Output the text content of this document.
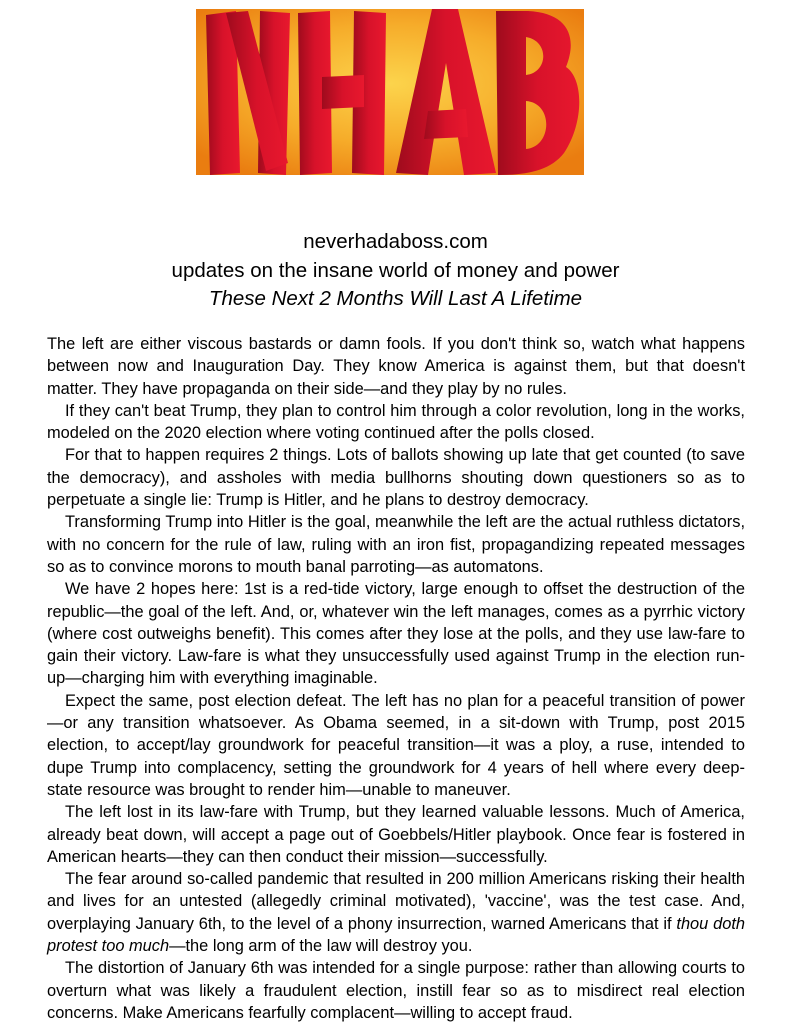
neverhadaboss.com
updates on the insane world of money and power
These Next 2 Months Will Last A Lifetime

The left are either viscous bastards or damn fools. If you don't think so, watch what happens between now and Inauguration Day. They know America is against them, but that doesn't matter. They have propaganda on their side—and they play by no rules.

If they can't beat Trump, they plan to control him through a color revolution, long in the works, modeled on the 2020 election where voting continued after the polls closed.

For that to happen requires 2 things. Lots of ballots showing up late that get counted (to save the democracy), and assholes with media bullhorns shouting down questioners so as to perpetuate a single lie: Trump is Hitler, and he plans to destroy democracy.

Transforming Trump into Hitler is the goal, meanwhile the left are the actual ruthless dictators, with no concern for the rule of law, ruling with an iron fist, propagandizing repeated messages so as to convince morons to mouth banal parroting—as automatons.

We have 2 hopes here: 1st is a red-tide victory, large enough to offset the destruction of the republic—the goal of the left. And, or, whatever win the left manages, comes as a pyrrhic victory (where cost outweighs benefit). This comes after they lose at the polls, and they use law-fare to gain their victory. Law-fare is what they unsuccessfully used against Trump in the election run-up—charging him with everything imaginable.

Expect the same, post election defeat. The left has no plan for a peaceful transition of power—or any transition whatsoever. As Obama seemed, in a sit-down with Trump, post 2015 election, to accept/lay groundwork for peaceful transition—it was a ploy, a ruse, intended to dupe Trump into complacency, setting the groundwork for 4 years of hell where every deep-state resource was brought to render him—unable to maneuver.

The left lost in its law-fare with Trump, but they learned valuable lessons. Much of America, already beat down, will accept a page out of Goebbels/Hitler playbook. Once fear is fostered in American hearts—they can then conduct their mission—successfully.

The fear around so-called pandemic that resulted in 200 million Americans risking their health and lives for an untested (allegedly criminal motivated), 'vaccine', was the test case. And, overplaying January 6th, to the level of a phony insurrection, warned Americans that if thou doth protest too much—the long arm of the law will destroy you.

The distortion of January 6th was intended for a single purpose: rather than allowing courts to overturn what was likely a fraudulent election, instill fear so as to misdirect real election concerns. Make Americans fearfully complacent—willing to accept fraud.
